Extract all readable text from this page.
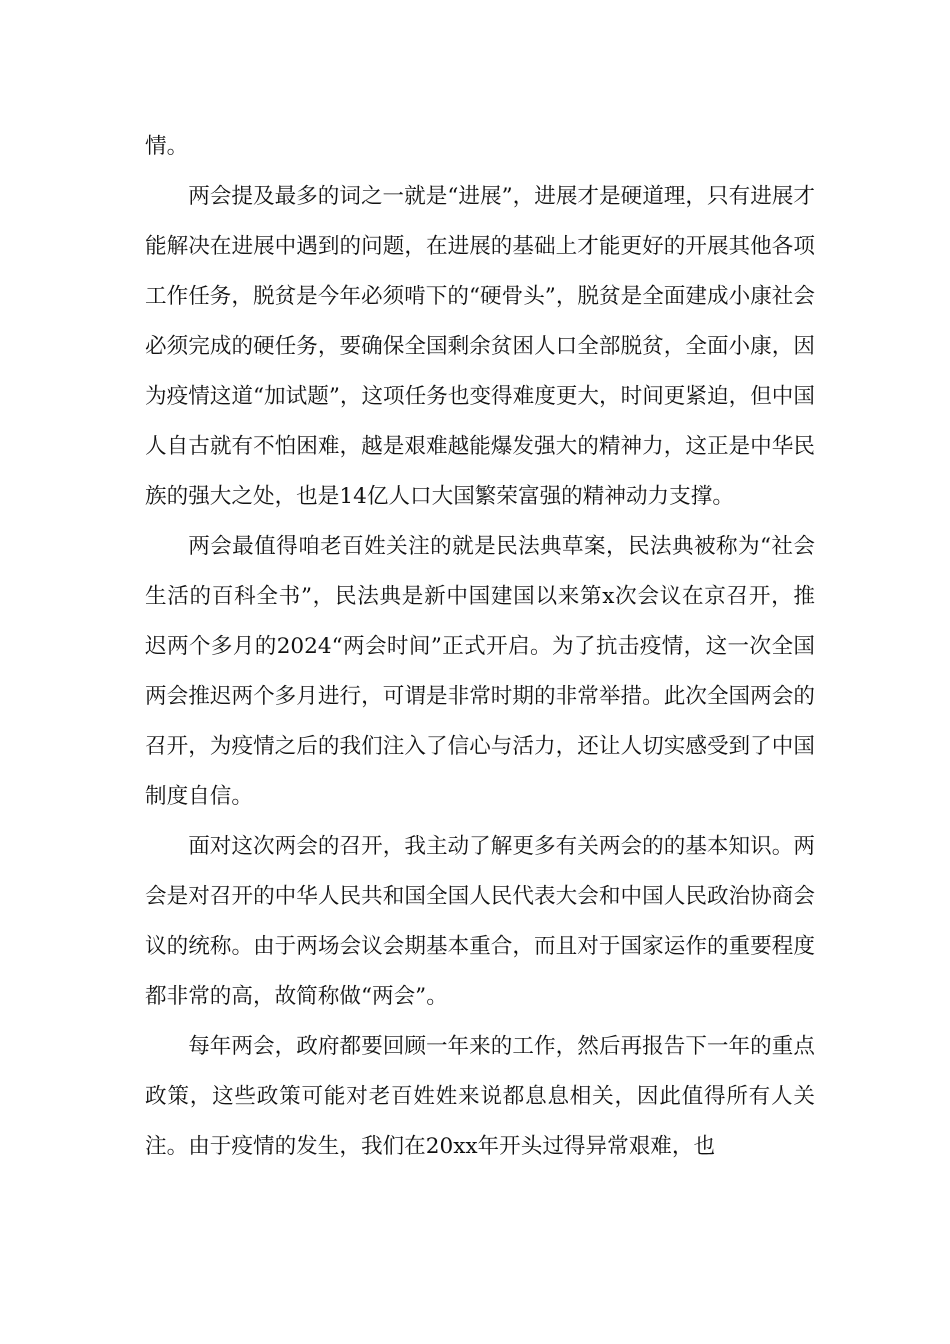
情。

两会提及最多的词之一就是“进展”，进展才是硬道理，只有进展才能解决在进展中遇到的问题，在进展的基础上才能更好的开展其他各项工作任务，脱贫是今年必须啃下的“硬骨头”，脱贫是全面建成小康社会必须完成的硬任务，要确保全国剩余贫困人口全部脱贫，全面小康，因为疫情这道“加试题”，这项任务也变得难度更大，时间更紧迫，但中国人自古就有不怕困难，越是艰难越能爆发强大的精神力，这正是中华民族的强大之处，也是14亿人口大国繁荣富强的精神动力支撑。

两会最值得咱老百姓关注的就是民法典草案，民法典被称为“社会生活的百科全书”，民法典是新中国建国以来第x次会议在京召开，推迟两个多月的2024“两会时间”正式开启。为了抗击疫情，这一次全国两会推迟两个多月进行，可谓是非常时期的非常举措。此次全国两会的召开，为疫情之后的我们注入了信心与活力，还让人切实感受到了中国制度自信。

面对这次两会的召开，我主动了解更多有关两会的的基本知识。两会是对召开的中华人民共和国全国人民代表大会和中国人民政治协商会议的统称。由于两场会议会期基本重合，而且对于国家运作的重要程度都非常的高，故简称做“两会”。

每年两会，政府都要回顾一年来的工作，然后再报告下一年的重点政策，这些政策可能对老百姓姓来说都息息相关，因此值得所有人关注。由于疫情的发生，我们在20xx年开头过得异常艰难，也
